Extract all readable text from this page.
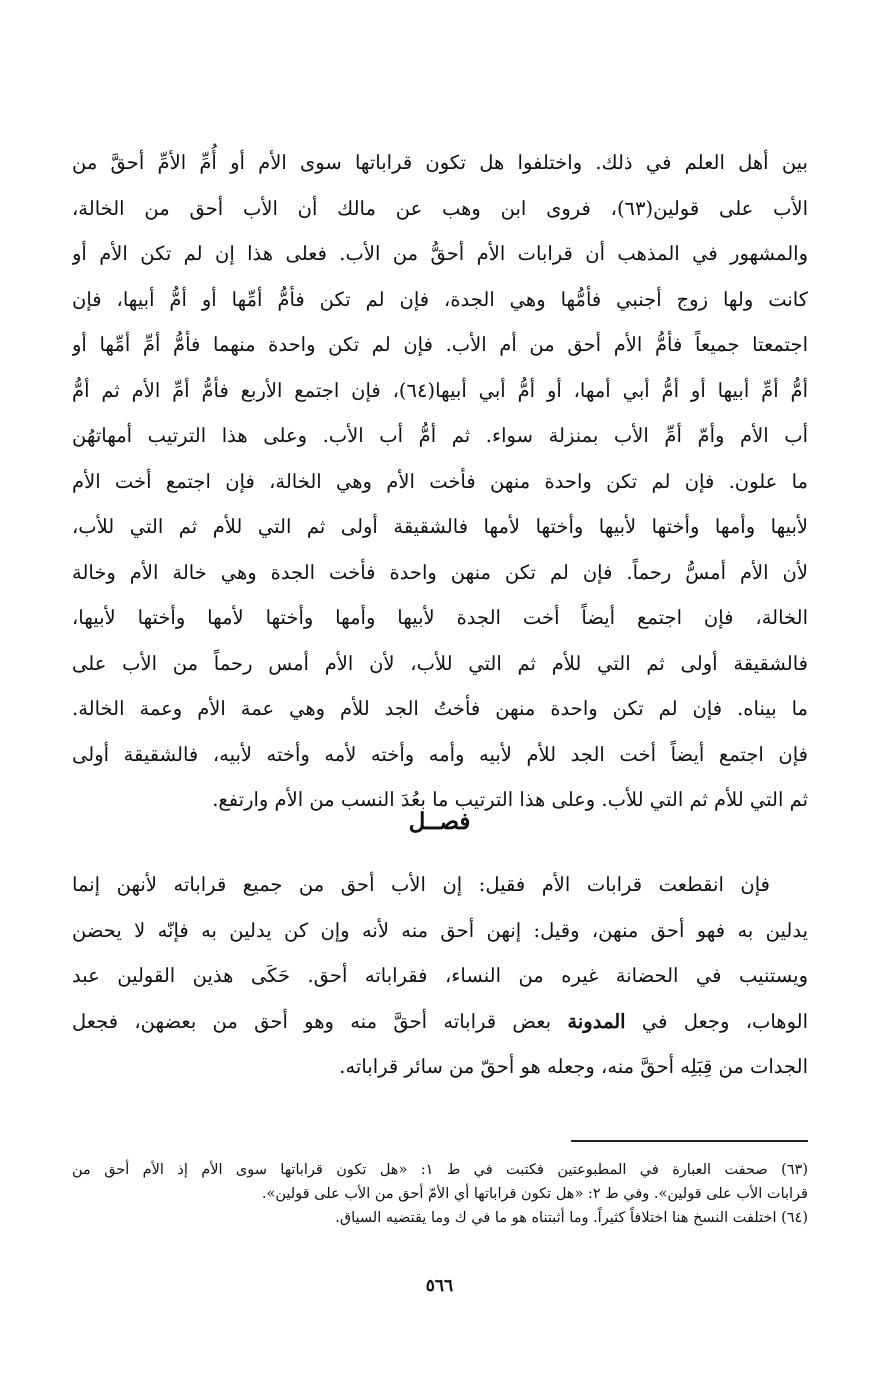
بين أهل العلم في ذلك. واختلفوا هل تكون قراباتها سوى الأم أو أُمِّ الأمِّ أحقَّ من
الأب على قولين(٦٣)، فروى ابن وهب عن مالك أن الأب أحق من الخالة،
والمشهور في المذهب أن قرابات الأم أحقُّ من الأب. فعلى هذا إن لم تكن الأم أو
كانت ولها زوج أجنبي فأمُّها وهي الجدة، فإن لم تكن فأمُّ أمِّها أو أمُّ أبيها، فإن
اجتمعتا جميعاً فأمُّ الأم أحق من أم الأب. فإن لم تكن واحدة منهما فأمُّ أمِّ أمِّها أو
أمُّ أمِّ أبيها أو أمُّ أبي أمها، أو أمُّ أبي أبيها(٦٤)، فإن اجتمع الأربع فأمُّ أمِّ الأم ثم أمُّ
أب الأم وأمّ أمِّ الأب بمنزلة سواء. ثم أمُّ أب الأب. وعلى هذا الترتيب أمهاتهُن
ما علون. فإن لم تكن واحدة منهن فأخت الأم وهي الخالة، فإن اجتمع أخت الأم
لأبيها وأمها وأختها لأبيها وأختها لأمها فالشقيقة أولى ثم التي للأم ثم التي للأب،
لأن الأم أمسُّ رحماً. فإن لم تكن منهن واحدة فأخت الجدة وهي خالة الأم وخالة
الخالة، فإن اجتمع أيضاً أخت الجدة لأبيها وأمها وأختها لأمها وأختها لأبيها،
فالشقيقة أولى ثم التي للأم ثم التي للأب، لأن الأم أمس رحماً من الأب على
ما بيناه. فإن لم تكن واحدة منهن فأختُ الجد للأم وهي عمة الأم وعمة الخالة.
فإن اجتمع أيضاً أخت الجد للأم لأبيه وأمه وأخته لأمه وأخته لأبيه، فالشقيقة أولى
ثم التي للأم ثم التي للأب. وعلى هذا الترتيب ما بعُدَ النسب من الأم وارتفع.
فصــل
فإن انقطعت قرابات الأم فقيل: إن الأب أحق من جميع قراباته لأنهن إنما
يدلين به فهو أحق منهن، وقيل: إنهن أحق منه لأنه وإن كن يدلين به فإنّه لا يحضن
ويستنيب في الحضانة غيره من النساء، فقراباته أحق. حَكَى هذين القولين عبد
الوهاب، وجعل في المدونة بعض قراباته أحقَّ منه وهو أحق من بعضهن، فجعل
الجدات من قِبَلِه أحقَّ منه، وجعله هو أحقّ من سائر قراباته.
(٦٣) صحفت العبارة في المطبوعتين فكتبت في ط ١: «هل تكون قراباتها سوى الأم إذ الأم أحق من
قرابات الأب على قولين». وفي ط ٢: «هل تكون قراباتها أي الأمّ أحق من الأب على قولين».
(٦٤) اختلفت النسخ هنا اختلافاً كثيراً. وما أثبتناه هو ما في ك وما يقتضيه السياق.
٥٦٦
